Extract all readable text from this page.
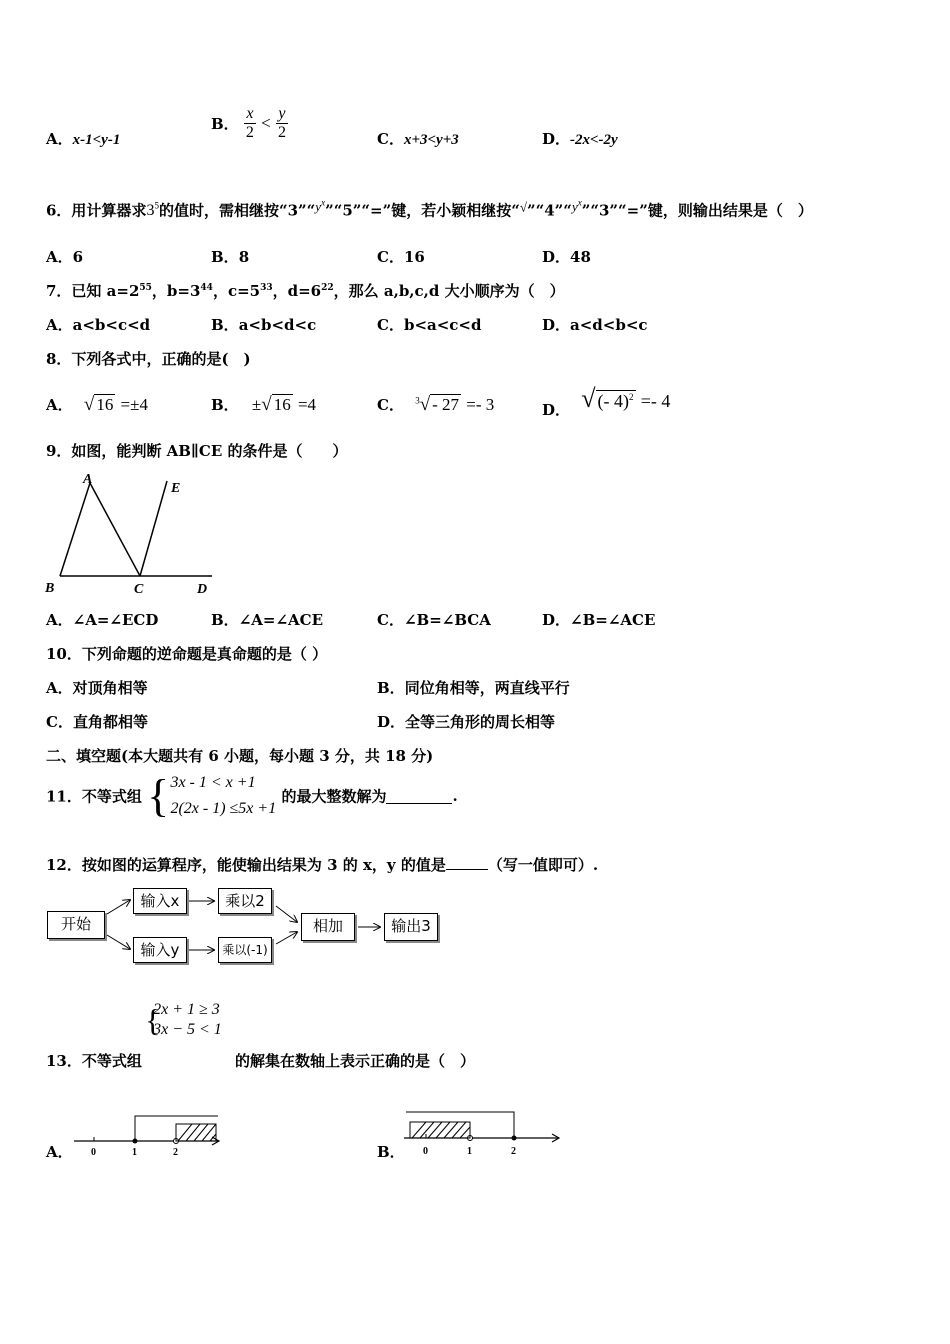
A．x-1<y-1
B． $\frac{x}{2} < \frac{y}{2}$	C．x+3<y+3	D．-2x<-2y
6．用计算器求$3^5$的值时，需相继按“$3”“y^x”“5”“=$”键，若小颖相继按“$√”“4”“y^x”“3”“=$”键，则输出结果是（　）
A．6	B．8	C．16	D．48
7．已知 $a=2^{55}$，$b=3^{44}$，$c=5^{33}$，$d=6^{22}$，那么 a,b,c,d 大小顺序为（　）
A．a<b<c<d	B．a<b<d<c	C．b<a<c<d	D．a<d<b<c
8．下列各式中，正确的是(　)
A． √ 16 =±4	B． ±√ 16 =4	C． $^3$√ - 27 =- 3	D． √ (- 4)$^2$ =- 4
9．如图，能判断 AB∥CE 的条件是（　　）
A
E
B	C	D
A．∠A=∠ECD	B．∠A=∠ACE	C．∠B=∠BCA	D．∠B=∠ACE
10．下列命题的逆命题是真命题的是（ ）
A．对顶角相等	B．同位角相等，两直线平行
C．直角都相等	D．全等三角形的周长相等
二、填空题(本大题共有 6 小题，每小题 3 分，共 18 分)
11．不等式组 { 3x - 1 < x +1
2(2x - 1) ≤5x +1
的最大整数解为	.
12．按如图的运算程序，能使输出结果为 3 的 x，y 的值是	（写一值即可）.
开始
输入x	乘以2
输入y	乘以(-1)
相加	输出3
13．不等式组
{
2x + 1 ≥ 3
3x − 5 < 1
的解集在数轴上表示正确的是（　）
A． 0	1	2	B． 0	1	2
